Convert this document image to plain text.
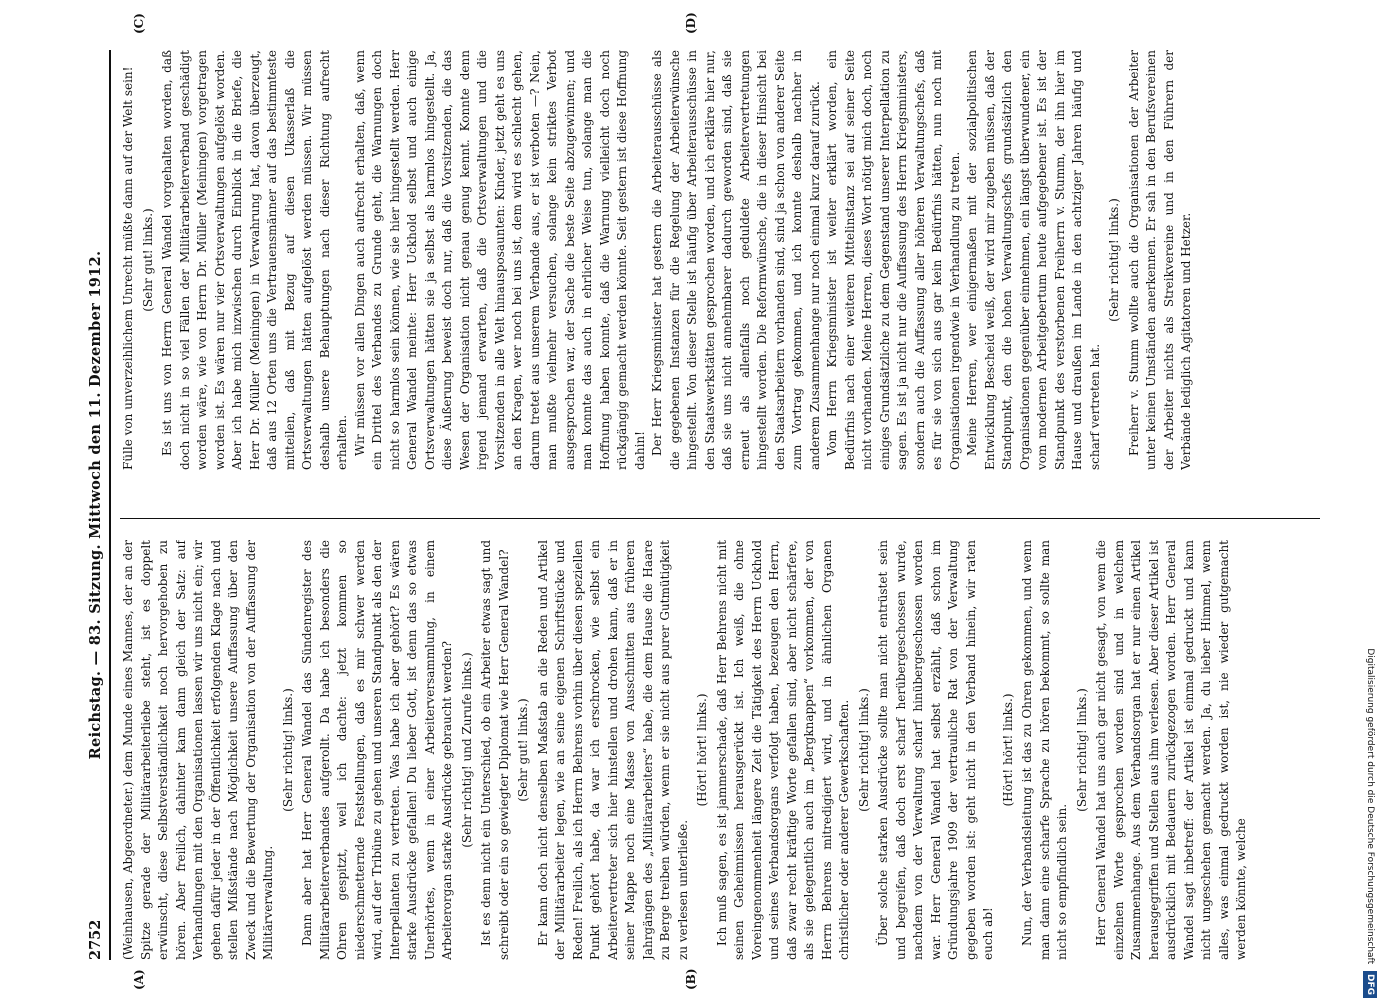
2752
Reichstag. — 83. Sitzung. Mittwoch den 11. Dezember 1912.
(A)	(B)
(C)	(D)

(Weinhausen, Abgeordneter.) dem Munde eines Mannes, der an der Spitze gerade der Militärarbeiterliebe steht, ist es doppelt erwünscht, diese Selbstverständlichkeit noch hervorgehoben zu hören. Aber freilich, dahinter kam dann gleich der Satz: auf Verhandlungen mit den Organisationen lassen wir uns nicht ein; wir gehen dafür jeder in der Öffentlichkeit erfolgenden Klage nach und stellen Mißstände nach Möglichkeit unsere Auffassung über den Zweck und die Bewertung der Organisation von der Auffassung der Militärverwaltung.

(Sehr richtig! links.) Dann aber hat Herr General Wandel das Sündenregister des Militärarbeiterverbandes aufgerollt. Da habe ich besonders die Ohren gespitzt, weil ich dachte: jetzt kommen so niederschmetternde Feststellungen, daß es mir schwer werden wird, auf der Tribüne zu gehen und unseren Standpunkt als den der Interpellanten zu vertreten. Was habe ich aber gehört? Es wären starke Ausdrücke gefallen! Du lieber Gott, ist denn das so etwas Unerhörtes, wenn in einer Arbeiterversammlung, in einem Arbeiterorgan starke Ausdrücke gebraucht werden? (Sehr richtig! und Zurufe links.) Ist es denn nicht ein Unterschied, ob ein Arbeiter etwas sagt und schreibt oder ein so gewiegter Diplomat wie Herr General Wandel? (Sehr gut! links.) Er kann doch nicht denselben Maßstab an die Reden und Artikel der Militärarbeiter legen, wie an seine eigenen Schriftstücke und Reden! Freilich, als ich Herrn Behrens vorhin über diesen speziellen Punkt gehört habe, da war ich erschrocken, wie selbst ein Arbeitervertreter sich hier hinstellen und drohen kann, daß er in seiner Mappe noch eine Masse von Ausschnitten aus früheren Jahrgängen des „Militärarbeiters“ habe, die dem Hause die Haare zu Berge treiben würden, wenn er sie nicht aus purer Gutmütigkeit zu verlesen unterließe.

(Hört! hört! links.) Ich muß sagen, es ist jammerschade, daß Herr Behrens nicht mit seinen Geheimnissen herausgerückt ist. Ich weiß, die ohne Voreingenommenheit längere Zeit die Tätigkeit des Herrn Uckhold und seines Verbandsorgans verfolgt haben, bezeugen den Herrn, daß zwar recht kräftige Worte gefallen sind, aber nicht schärfere, als sie gelegentlich auch im „Bergknappen“ vorkommen, der von Herrn Behrens mitredigiert wird, und in ähnlichen Organen christlicher oder anderer Gewerkschaften. (Sehr richtig! links.) Über solche starken Ausdrücke sollte man nicht entrüstet sein und begreifen, daß doch erst scharf herübergeschossen wurde, nachdem von der Verwaltung scharf hinübergeschossen worden war. Herr General Wandel hat selbst erzählt, daß schon im Gründungsjahre 1909 der vertrauliche Rat von der Verwaltung gegeben worden ist: geht nicht in den Verband hinein, wir raten euch ab!

(Hört! hört! links.) Nun, der Verbandsleitung ist das zu Ohren gekommen, und wenn man dann eine scharfe Sprache zu hören bekommt, so sollte man nicht so empfindlich sein.

(Sehr richtig! links.) Herr General Wandel hat uns auch gar nicht gesagt, von wem die einzelnen Worte gesprochen worden sind und in welchem Zusammenhange. Aus dem Verbandsorgan hat er nur einen Artikel herausgegriffen und Stellen aus ihm verlesen. Aber dieser Artikel ist ausdrücklich mit Bedauern zurückgezogen worden. Herr General Wandel sagt inbetreff: der Artikel ist einmal gedruckt und kann nicht ungeschehen gemacht werden. Ja, du lieber Himmel, wenn alles, was einmal gedruckt worden ist, nie wieder gutgemacht werden könnte, welche

Fülle von unverzeihlichem Unrecht müßte dann auf der Welt sein! (Sehr gut! links.) Es ist uns von Herrn General Wandel vorgehalten worden, daß doch nicht in so viel Fällen der Militärarbeiterverband geschädigt worden wäre, wie von Herrn Dr. Müller (Meiningen) vorgetragen worden ist. Es wären nur vier Ortsverwaltungen aufgelöst worden. Aber ich habe mich inzwischen durch Einblick in die Briefe, die Herr Dr. Müller (Meiningen) in Verwahrung hat, davon überzeugt, daß aus 12 Orten uns die Vertrauensmänner auf das bestimmteste mitteilen, daß mit Bezug auf diesen Ukasserlaß die Ortsverwaltungen hätten aufgelöst werden müssen. Wir müssen deshalb unsere Behauptungen nach dieser Richtung aufrecht erhalten. Wir müssen vor allen Dingen auch aufrecht erhalten, daß, wenn ein Drittel des Verbandes zu Grunde geht, die Warnungen doch nicht so harmlos sein können, wie sie hier hingestellt werden. Herr General Wandel meinte: Herr Uckhold selbst und auch einige Ortsverwaltungen hätten sie ja selbst als harmlos hingestellt. Ja, diese Äußerung beweist doch nur, daß die Vorsitzenden, die das Wesen der Organisation nicht genau genug kennt. Konnte denn irgend jemand erwarten, daß die Ortsverwaltungen und die Vorsitzenden in alle Welt hinausposaunten: Kinder, jetzt geht es uns an den Kragen, wer noch bei uns ist, dem wird es schlecht gehen, darum tretet aus unserem Verbande aus, er ist verboten —? Nein, man mußte vielmehr versuchen, solange kein striktes Verbot ausgesprochen war, der Sache die beste Seite abzugewinnen; und man konnte das auch in ehrlicher Weise tun, solange man die Hoffnung haben konnte, daß die Warnung vielleicht doch noch rückgängig gemacht werden könnte. Seit gestern ist diese Hoffnung dahin! Der Herr Kriegsminister hat gestern die Arbeiterausschüsse als die gegebenen Instanzen für die Regelung der Arbeiterwünsche hingestellt. Von dieser Stelle ist häufig über Arbeiterausschüsse in den Staatswerkstätten gesprochen worden, und ich erkläre hier nur, daß sie uns nicht annehmbarer dadurch geworden sind, daß sie erneut als allenfalls noch geduldete Arbeitervertretungen hingestellt worden. Die Reformwünsche, die in dieser Hinsicht bei den Staatsarbeitern vorhanden sind, sind ja schon von anderer Seite zum Vortrag gekommen, und ich konnte deshalb nachher in anderem Zusammenhange nur noch einmal kurz darauf zurück. Vom Herrn Kriegsminister ist weiter erklärt worden, ein Bedürfnis nach einer weiteren Mittelinstanz sei auf seiner Seite nicht vorhanden. Meine Herren, dieses Wort nötigt mich doch, noch einiges Grundsätzliche zu dem Gegenstand unserer Interpellation zu sagen. Es ist ja nicht nur die Auffassung des Herrn Kriegsministers, sondern auch die Auffassung aller höheren Verwaltungschefs, daß es für sie von sich aus gar kein Bedürfnis hätten, nun noch mit Organisationen irgendwie in Verhandlung zu treten. Meine Herren, wer einigermaßen mit der sozialpolitischen Entwicklung Bescheid weiß, der wird mir zugeben müssen, daß der Standpunkt, den die hohen Verwaltungschefs grundsätzlich den Organisationen gegenüber einnehmen, ein längst überwundener, ein vom modernen Arbeitgebertum heute aufgegebener ist. Es ist der Standpunkt des verstorbenen Freiherrn v. Stumm, der ihn hier im Hause und draußen im Lande in den achtziger Jahren häufig und scharf vertreten hat.

(Sehr richtig! links.) Freiherr v. Stumm wollte auch die Organisationen der Arbeiter unter keinen Umständen anerkennen. Er sah in den Berufsvereinen der Arbeiter nichts als Streikvereine und in den Führern der Verbände lediglich Agitatoren und Hetzer.

Digitalisierung gefördert durch die Deutsche Forschungsgemeinschaft DFG
